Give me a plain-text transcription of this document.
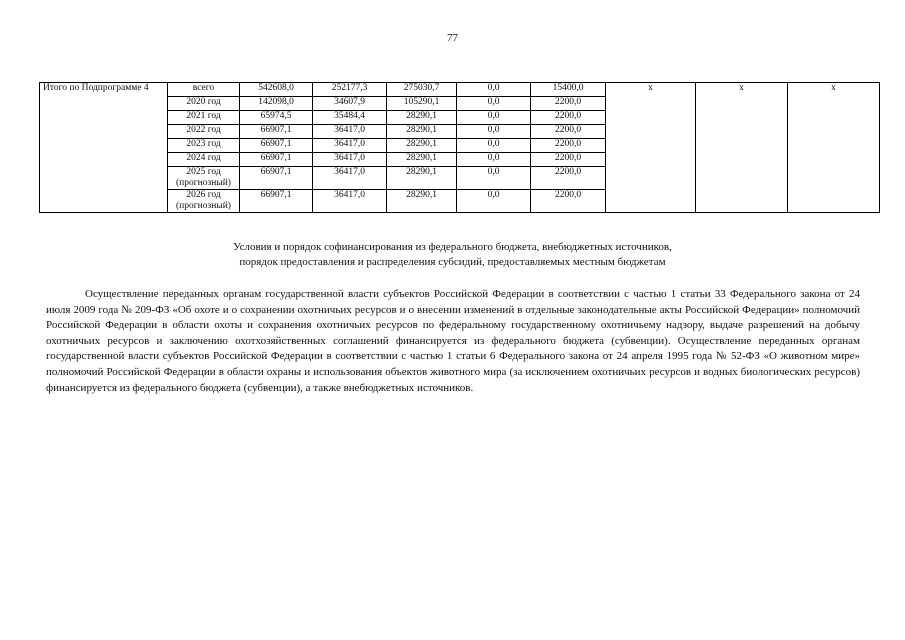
77
Итого по Подпрограмме 4	всего	542608,0	252177,3	275030,7	0,0	15400,0	х	х	х
	2020 год	142098,0	34607,9	105290,1	0,0	2200,0			
	2021 год	65974,5	35484,4	28290,1	0,0	2200,0			
	2022 год	66907,1	36417,0	28290,1	0,0	2200,0			
	2023 год	66907,1	36417,0	28290,1	0,0	2200,0			
	2024 год	66907,1	36417,0	28290,1	0,0	2200,0			
	2025 год (прогнозный)	66907,1	36417,0	28290,1	0,0	2200,0			
	2026 год (прогнозный)	66907,1	36417,0	28290,1	0,0	2200,0			
Условия и порядок софинансирования из федерального бюджета, внебюджетных источников,
порядок предоставления и распределения субсидий, предоставляемых местным бюджетам

Осуществление переданных органам государственной власти субъектов Российской Федерации в соответствии с частью 1 статьи 33 Федерального закона от 24 июля 2009 года № 209-ФЗ «Об охоте и о сохранении охотничьих ресурсов и о внесении изменений в отдельные законодательные акты Российской Федерации» полномочий Российской Федерации в области охоты и сохранения охотничьих ресурсов по федеральному государственному охотничьему надзору, выдаче разрешений на добычу охотничьих ресурсов и заключению охотхозяйственных соглашений финансируется из федерального бюджета (субвенции). Осуществление переданных органам государственной власти субъектов Российской Федерации в соответствии с частью 1 статьи 6 Федерального закона от 24 апреля 1995 года № 52-ФЗ «О животном мире» полномочий Российской Федерации в области охраны и использования объектов животного мира (за исключением охотничьих ресурсов и водных биологических ресурсов) финансируется из федерального бюджета (субвенции), а также внебюджетных источников.
